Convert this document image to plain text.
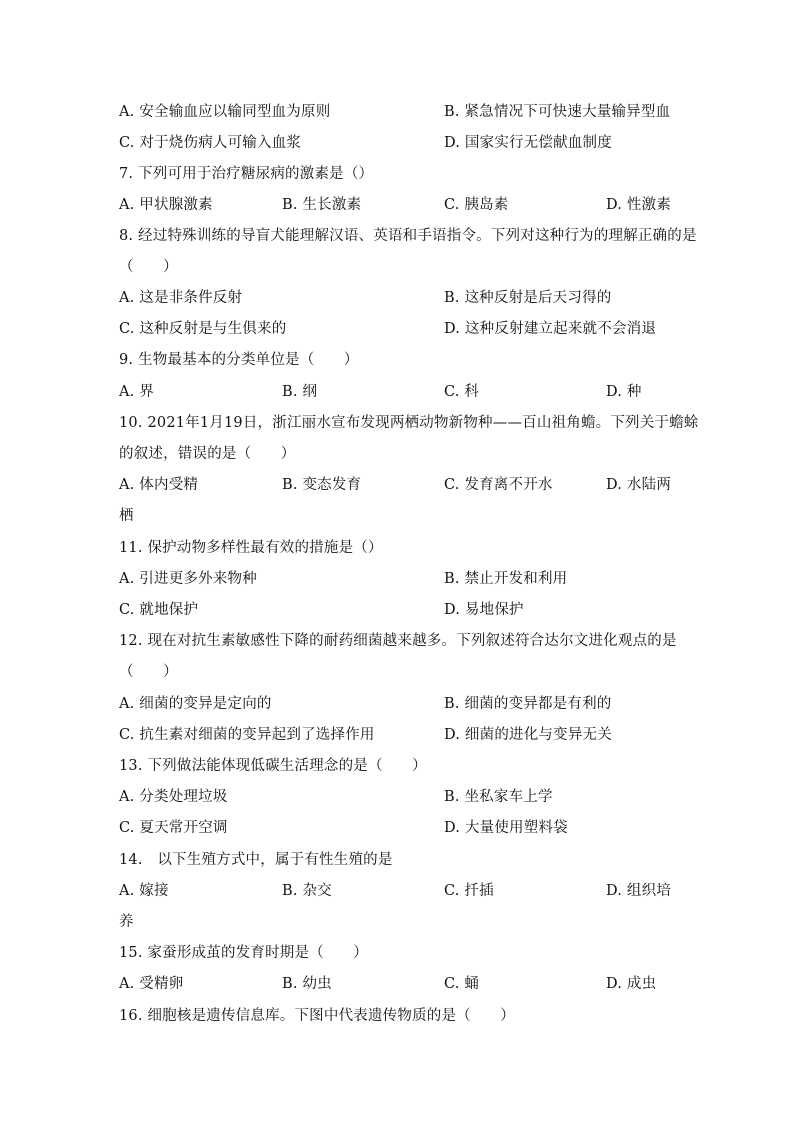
A. 安全输血应以输同型血为原则	B. 紧急情况下可快速大量输异型血
C. 对于烧伤病人可输入血浆	D. 国家实行无偿献血制度
7. 下列可用于治疗糖尿病的激素是（）
A. 甲状腺激素	B. 生长激素	C. 胰岛素	D. 性激素
8. 经过特殊训练的导盲犬能理解汉语、英语和手语指令。下列对这种行为的理解正确的是
（　　）
A. 这是非条件反射	B. 这种反射是后天习得的
C. 这种反射是与生俱来的	D. 这种反射建立起来就不会消退
9. 生物最基本的分类单位是（　　）
A. 界	B. 纲	C. 科	D. 种
10. 2021年1月19日，浙江丽水宣布发现两栖动物新物种——百山祖角蟾。下列关于蟾蜍
的叙述，错误的是（　　）
A. 体内受精	B. 变态发育	C. 发育离不开水	D. 水陆两
栖
11. 保护动物多样性最有效的措施是（）
A. 引进更多外来物种	B. 禁止开发和利用
C. 就地保护	D. 易地保护
12. 现在对抗生素敏感性下降的耐药细菌越来越多。下列叙述符合达尔文进化观点的是
（　　）
A. 细菌的变异是定向的	B. 细菌的变异都是有利的
C. 抗生素对细菌的变异起到了选择作用	D. 细菌的进化与变异无关
13. 下列做法能体现低碳生活理念的是（　　）
A. 分类处理垃圾	B. 坐私家车上学
C. 夏天常开空调	D. 大量使用塑料袋
14.　以下生殖方式中，属于有性生殖的是
A. 嫁接	B. 杂交	C. 扦插	D. 组织培
养
15. 家蚕形成茧的发育时期是（　　）
A. 受精卵	B. 幼虫	C. 蛹	D. 成虫
16. 细胞核是遗传信息库。下图中代表遗传物质的是（　　）
